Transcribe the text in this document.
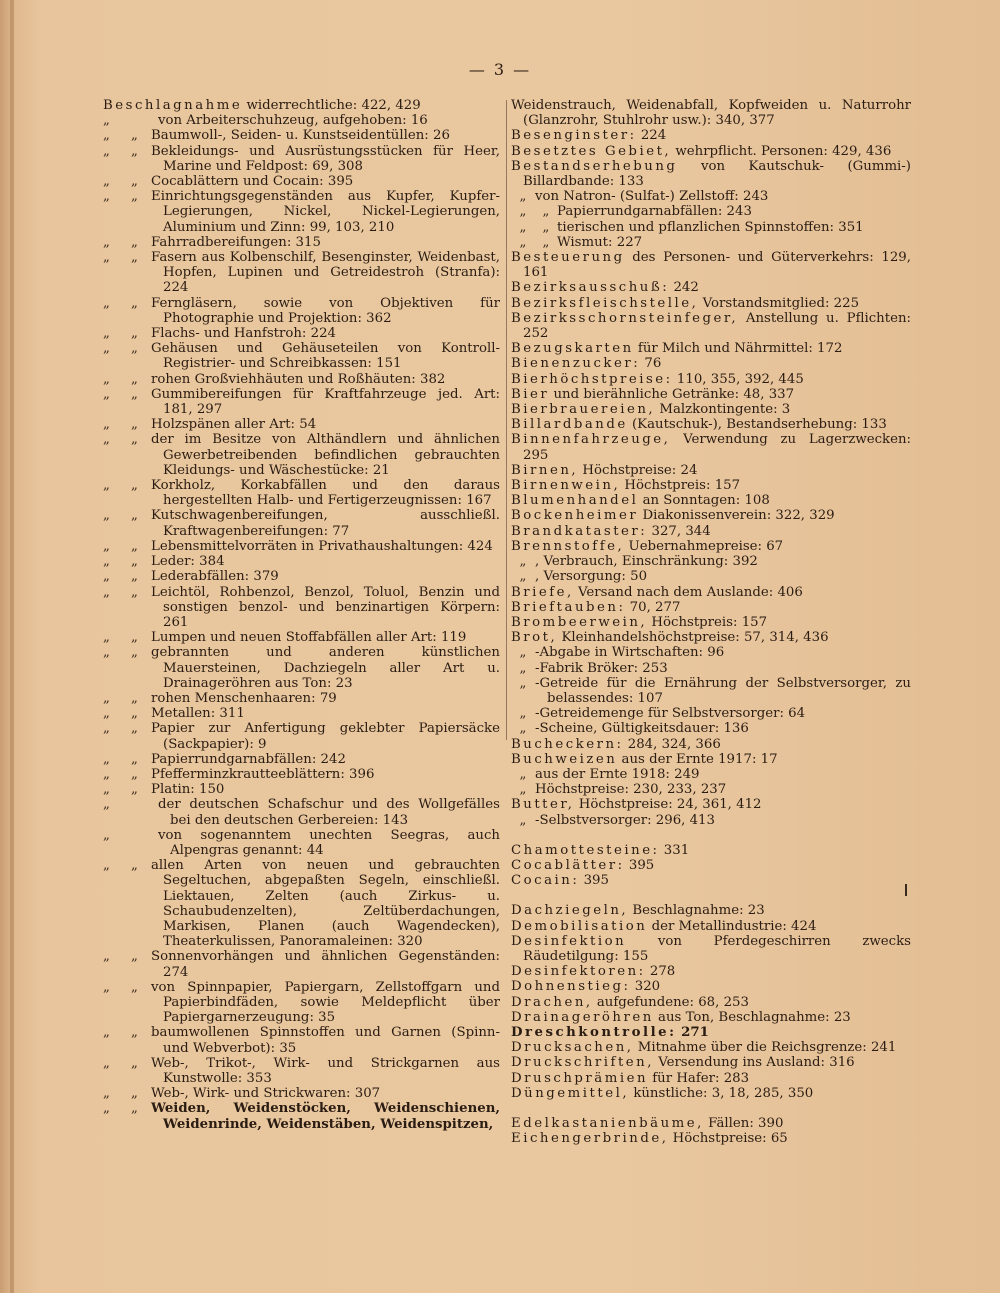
— 3 —
Beschlagnahme widerrechtliche: 422, 429
„	von Arbeiterschuhzeug, aufgehoben: 16
„	„ Baumwoll-, Seiden- u. Kunstseidentüllen: 26
„	„ Bekleidungs- und Ausrüstungsstücken für Heer, Marine und Feldpost: 69, 308
„	„ Cocablättern und Cocain: 395
„	„ Einrichtungsgegenständen aus Kupfer, Kupfer-Legierungen, Nickel, Nickel-Legierungen, Aluminium und Zinn: 99, 103, 210
„	„ Fahrradbereifungen: 315
„	„ Fasern aus Kolbenschilf, Besenginster, Weidenbast, Hopfen, Lupinen und Getreidestroh (Stranfa): 224
„	„ Ferngläsern, sowie von Objektiven für Photographie und Projektion: 362
„	„ Flachs- und Hanfstroh: 224
„	„ Gehäusen und Gehäuseteilen von Kontroll-Registrier- und Schreibkassen: 151
„	„ rohen Großviehhäuten und Roßhäuten: 382
„	„ Gummibereifungen für Kraftfahrzeuge jed. Art: 181, 297
„	„ Holzspänen aller Art: 54
„	„ der im Besitze von Althändlern und ähnlichen Gewerbetreibenden befindlichen gebrauchten Kleidungs- und Wäschestücke: 21
„	„ Korkholz, Korkabfällen und den daraus hergestellten Halb- und Fertigerzeugnissen: 167
„	„ Kutschwagenbereifungen, ausschließl. Kraftwagenbereifungen: 77
„	„ Lebensmittelvorräten in Privathaushaltungen: 424
„	„ Leder: 384
„	„ Lederabfällen: 379
„	„ Leichtöl, Rohbenzol, Benzol, Toluol, Benzin und sonstigen benzol- und benzinartigen Körpern: 261
„	„ Lumpen und neuen Stoffabfällen aller Art: 119
„	„ gebrannten und anderen künstlichen Mauersteinen, Dachziegeln aller Art u. Drainageröhren aus Ton: 23
„	„ rohen Menschenhaaren: 79
„	„ Metallen: 311
„	„ Papier zur Anfertigung geklebter Papiersäcke (Sackpapier): 9
„	„ Papierrundgarnabfällen: 242
„	„ Pfefferminzkrautteeblättern: 396
„	„ Platin: 150
„	der deutschen Schafschur und des Wollgefälles bei den deutschen Gerbereien: 143
„	von sogenanntem unechten Seegras, auch Alpengras genannt: 44
„	„ allen Arten von neuen und gebrauchten Segeltuchen, abgepaßten Segeln, einschließl. Liektauen, Zelten (auch Zirkus- u. Schaubudenzelten), Zeltüberdachungen, Markisen, Planen (auch Wagendecken), Theaterkulissen, Panoramaleinen: 320
„	„ Sonnenvorhängen und ähnlichen Gegenständen: 274
„	„ von Spinnpapier, Papiergarn, Zellstoffgarn und Papierbindfäden, sowie Meldepflicht über Papiergarnerzeugung: 35
„	„ baumwollenen Spinnstoffen und Garnen (Spinn- und Webverbot): 35
„	„ Web-, Trikot-, Wirk- und Strickgarnen aus Kunstwolle: 353
„	„ Web-, Wirk- und Strickwaren: 307
„	„ Weiden, Weidenstöcken, Weidenschienen, Weidenrinde, Weidenstäben, Weidenspitzen,
Weidenstrauch, Weidenabfall, Kopfweiden u. Naturrohr (Glanzrohr, Stuhlrohr usw.): 340, 377
Besenginster: 224
Besetztes Gebiet, wehrpflicht. Personen: 429, 436
Bestandserhebung von Kautschuk- (Gummi-) Billardbande: 133
„ von Natron- (Sulfat-) Zellstoff: 243
„	„ Papierrundgarnabfällen: 243
„	„ tierischen und pflanzlichen Spinnstoffen: 351
„	„ Wismut: 227
Besteuerung des Personen- und Güterverkehrs: 129, 161
Bezirksausschuß: 242
Bezirksfleischstelle, Vorstandsmitglied: 225
Bezirksschornsteinfeger, Anstellung u. Pflichten: 252
Bezugskarten für Milch und Nährmittel: 172
Bienenzucker: 76
Bierhöchstpreise: 110, 355, 392, 445
Bier und bierähnliche Getränke: 48, 337
Bierbrauereien, Malzkontingente: 3
Billardbande (Kautschuk-), Bestandserhebung: 133
Binnenfahrzeuge, Verwendung zu Lagerzwecken: 295
Birnen, Höchstpreise: 24
Birnenwein, Höchstpreis: 157
Blumenhandel an Sonntagen: 108
Bockenheimer Diakonissenverein: 322, 329
Brandkataster: 327, 344
Brennstoffe, Uebernahmepreise: 67
„ , Verbrauch, Einschränkung: 392
„ , Versorgung: 50
Briefe, Versand nach dem Auslande: 406
Brieftauben: 70, 277
Brombeerwein, Höchstpreis: 157
Brot, Kleinhandelshöchstpreise: 57, 314, 436
„ -Abgabe in Wirtschaften: 96
„ -Fabrik Bröker: 253
„ -Getreide für die Ernährung der Selbstversorger, zu belassendes: 107
„ -Getreidemenge für Selbstversorger: 64
„ -Scheine, Gültigkeitsdauer: 136
Bucheckern: 284, 324, 366
Buchweizen aus der Ernte 1917: 17
„ aus der Ernte 1918: 249
„ Höchstpreise: 230, 233, 237
Butter, Höchstpreise: 24, 361, 412
„ -Selbstversorger: 296, 413
Chamottesteine: 331
Cocablätter: 395
Cocain: 395
Dachziegeln, Beschlagnahme: 23
Demobilisation der Metallindustrie: 424
Desinfektion von Pferdegeschirren zwecks Räudetilgung: 155
Desinfektoren: 278
Dohnenstieg: 320
Drachen, aufgefundene: 68, 253
Drainageröhren aus Ton, Beschlagnahme: 23
Dreschkontrolle: 271
Drucksachen, Mitnahme über die Reichsgrenze: 241
Druckschriften, Versendung ins Ausland: 316
Druschprämien für Hafer: 283
Düngemittel, künstliche: 3, 18, 285, 350
Edelkastanienbäume, Fällen: 390
Eichengerbrinde, Höchstpreise: 65
